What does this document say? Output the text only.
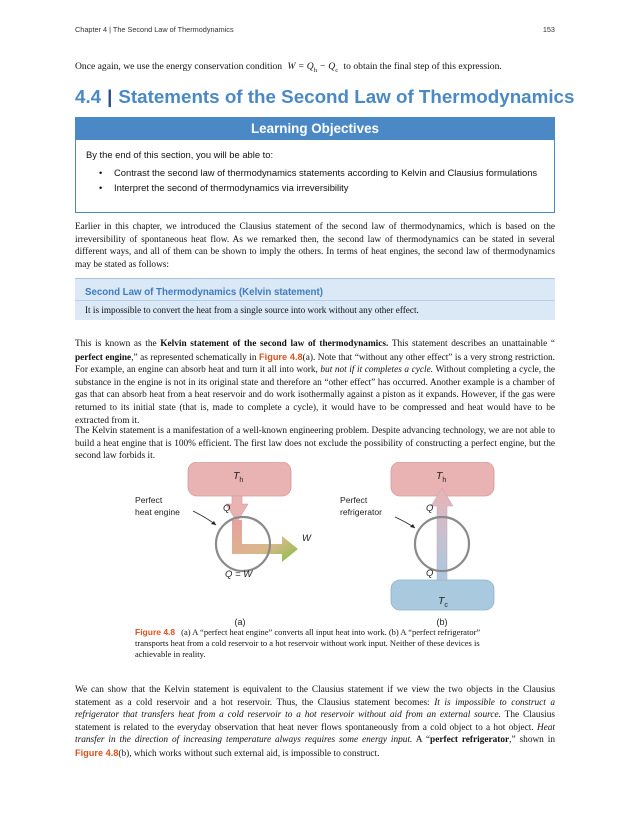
Chapter 4 | The Second Law of Thermodynamics	153
Once again, we use the energy conservation condition $W = Q_h - Q_c$ to obtain the final step of this expression.
4.4 | Statements of the Second Law of Thermodynamics
Learning Objectives
By the end of this section, you will be able to:
• Contrast the second law of thermodynamics statements according to Kelvin and Clausius formulations
• Interpret the second of thermodynamics via irreversibility

Earlier in this chapter, we introduced the Clausius statement of the second law of thermodynamics, which is based on the irreversibility of spontaneous heat flow. As we remarked then, the second law of thermodynamics can be stated in several different ways, and all of them can be shown to imply the others. In terms of heat engines, the second law of thermodynamics may be stated as follows:

Second Law of Thermodynamics (Kelvin statement)
It is impossible to convert the heat from a single source into work without any other effect.

This is known as the Kelvin statement of the second law of thermodynamics. This statement describes an unattainable “ perfect engine,” as represented schematically in Figure 4.8(a). Note that “without any other effect” is a very strong restriction. For example, an engine can absorb heat and turn it all into work, but not if it completes a cycle. Without completing a cycle, the substance in the engine is not in its original state and therefore an “other effect” has occurred. Another example is a chamber of gas that can absorb heat from a heat reservoir and do work isothermally against a piston as it expands. However, if the gas were returned to its initial state (that is, made to complete a cycle), it would have to be compressed and heat would have to be extracted from it.

The Kelvin statement is a manifestation of a well-known engineering problem. Despite advancing technology, we are not able to build a heat engine that is 100% efficient. The first law does not exclude the possibility of constructing a perfect engine, but the second law forbids it.

$T_h$
Q
W
Q = W
Perfect
heat engine
(a)
$T_h$
$T_c$
Q
Q
Perfect
refrigerator
(b)
Figure 4.8 (a) A “perfect heat engine” converts all input heat into work. (b) A “perfect refrigerator” transports heat from a cold reservoir to a hot reservoir without work input. Neither of these devices is achievable in reality.

We can show that the Kelvin statement is equivalent to the Clausius statement if we view the two objects in the Clausius statement as a cold reservoir and a hot reservoir. Thus, the Clausius statement becomes: It is impossible to construct a refrigerator that transfers heat from a cold reservoir to a hot reservoir without aid from an external source. The Clausius statement is related to the everyday observation that heat never flows spontaneously from a cold object to a hot object. Heat transfer in the direction of increasing temperature always requires some energy input. A “perfect refrigerator,” shown in Figure 4.8(b), which works without such external aid, is impossible to construct.
